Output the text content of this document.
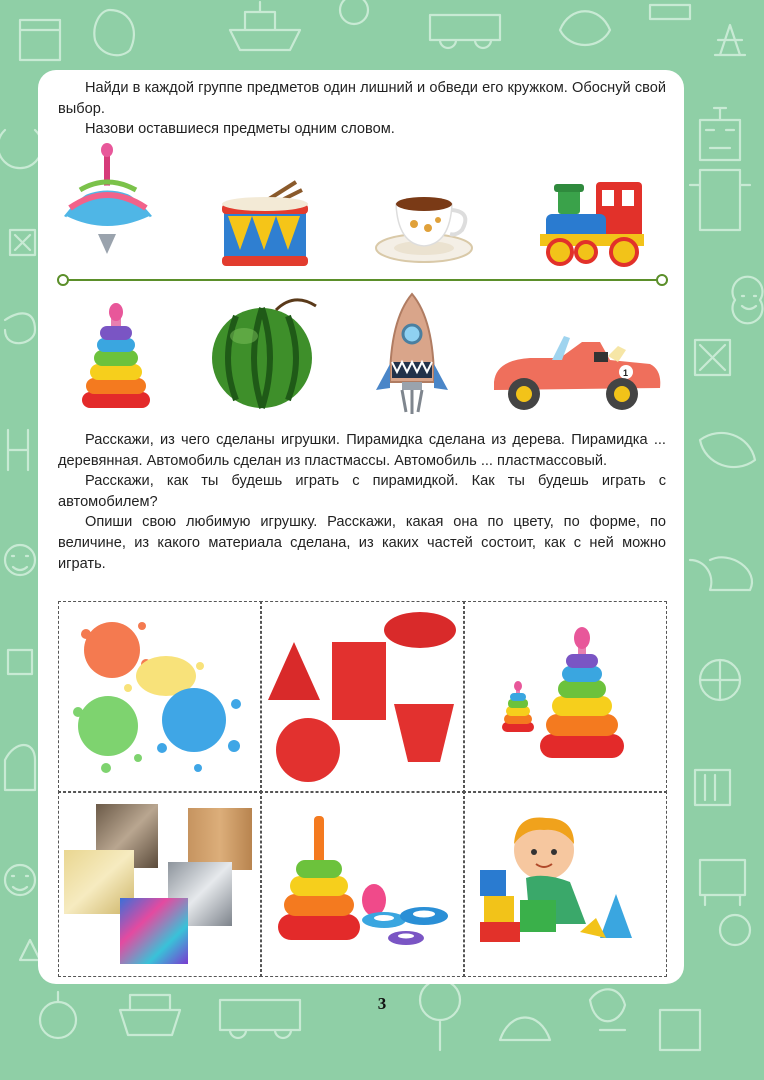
Найди в каждой группе предметов один лишний и обведи его кружком. Обоснуй свой выбор.

Назови оставшиеся предметы одним словом.

1

Расскажи, из чего сделаны игрушки. Пирамидка сделана из дерева. Пирамидка ... деревянная. Автомобиль сделан из пластмассы. Автомобиль ... пластмассовый.

Расскажи, как ты будешь играть с пирамидкой. Как ты будешь играть с автомобилем?

Опиши свою любимую игрушку. Расскажи, какая она по цвету, по форме, по величине, из какого материала сделана, из каких частей состоит, как с ней можно играть.

3
